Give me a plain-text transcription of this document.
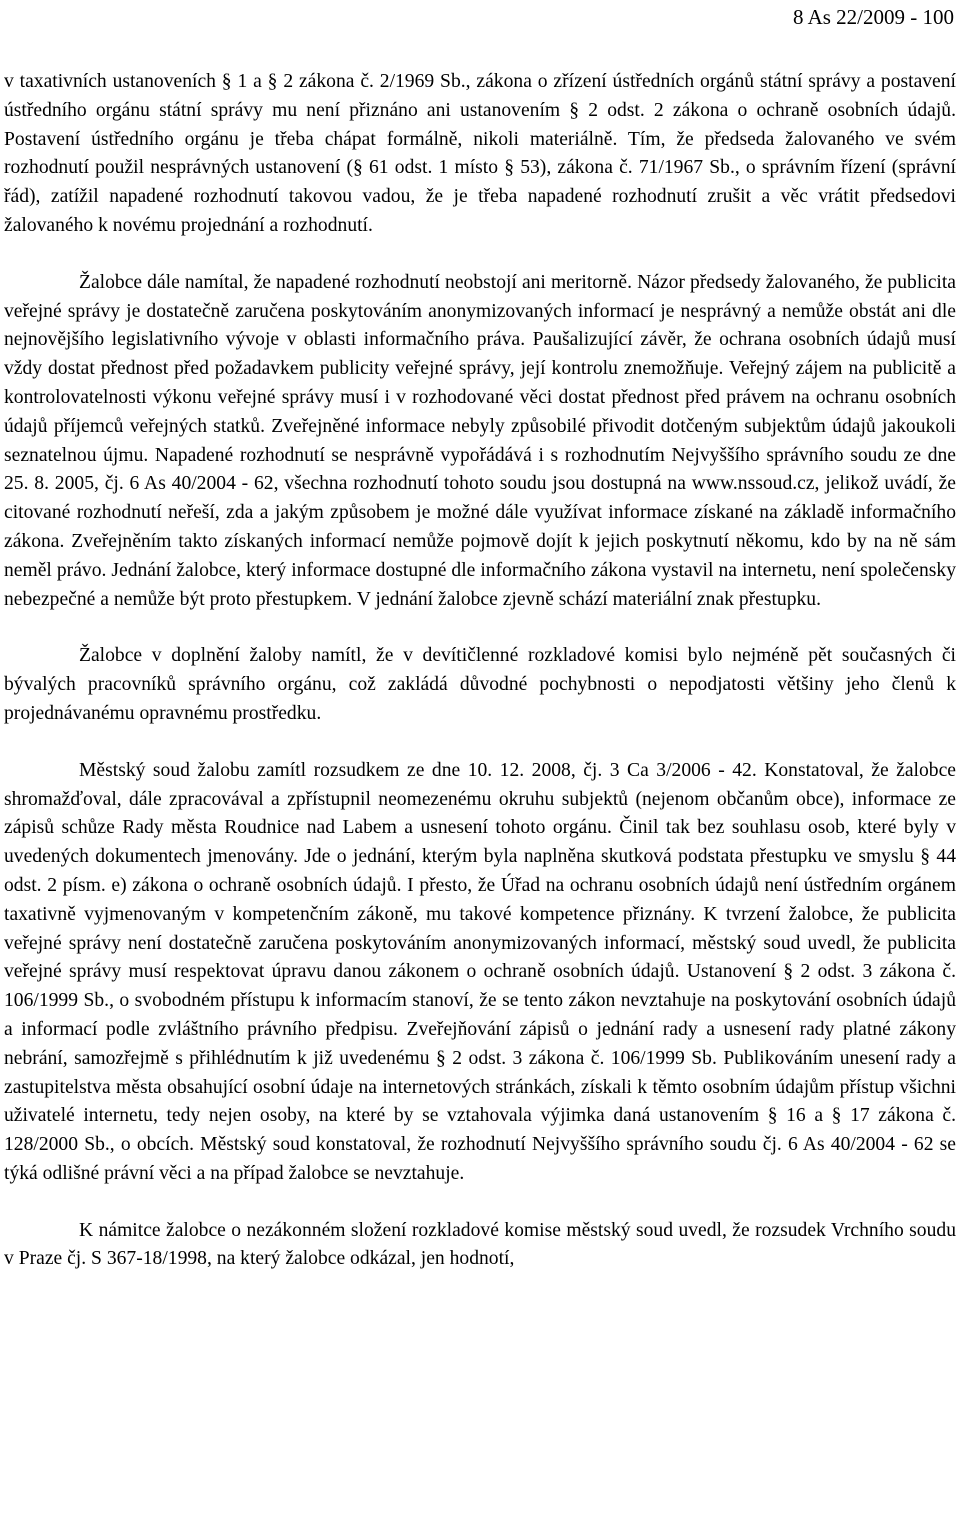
8 As 22/2009 - 100

v taxativních ustanoveních § 1 a § 2 zákona č. 2/1969 Sb., zákona o zřízení ústředních orgánů státní správy a postavení ústředního orgánu státní správy mu není přiznáno ani ustanovením § 2 odst. 2 zákona o ochraně osobních údajů. Postavení ústředního orgánu je třeba chápat formálně, nikoli materiálně. Tím, že předseda žalovaného ve svém rozhodnutí použil nesprávných ustanovení (§ 61 odst. 1 místo § 53), zákona č. 71/1967 Sb., o správním řízení (správní řád), zatížil napadené rozhodnutí takovou vadou, že je třeba napadené rozhodnutí zrušit a věc vrátit předsedovi žalovaného k novému projednání a rozhodnutí.

Žalobce dále namítal, že napadené rozhodnutí neobstojí ani meritorně. Názor předsedy žalovaného, že publicita veřejné správy je dostatečně zaručena poskytováním anonymizovaných informací je nesprávný a nemůže obstát ani dle nejnovějšího legislativního vývoje v oblasti informačního práva. Paušalizující závěr, že ochrana osobních údajů musí vždy dostat přednost před požadavkem publicity veřejné správy, její kontrolu znemožňuje. Veřejný zájem na publicitě a kontrolovatelnosti výkonu veřejné správy musí i v rozhodované věci dostat přednost před právem na ochranu osobních údajů příjemců veřejných statků. Zveřejněné informace nebyly způsobilé přivodit dotčeným subjektům údajů jakoukoli seznatelnou újmu. Napadené rozhodnutí se nesprávně vypořádává i s rozhodnutím Nejvyššího správního soudu ze dne 25. 8. 2005, čj. 6 As 40/2004 - 62, všechna rozhodnutí tohoto soudu jsou dostupná na www.nssoud.cz, jelikož uvádí, že citované rozhodnutí neřeší, zda a jakým způsobem je možné dále využívat informace získané na základě informačního zákona. Zveřejněním takto získaných informací nemůže pojmově dojít k jejich poskytnutí někomu, kdo by na ně sám neměl právo. Jednání žalobce, který informace dostupné dle informačního zákona vystavil na internetu, není společensky nebezpečné a nemůže být proto přestupkem. V jednání žalobce zjevně schází materiální znak přestupku.

Žalobce v doplnění žaloby namítl, že v devítičlenné rozkladové komisi bylo nejméně pět současných či bývalých pracovníků správního orgánu, což zakládá důvodné pochybnosti o nepodjatosti většiny jeho členů k projednávanému opravnému prostředku.

Městský soud žalobu zamítl rozsudkem ze dne 10. 12. 2008, čj. 3 Ca 3/2006 - 42. Konstatoval, že žalobce shromažďoval, dále zpracovával a zpřístupnil neomezenému okruhu subjektů (nejenom občanům obce), informace ze zápisů schůze Rady města Roudnice nad Labem a usnesení tohoto orgánu. Činil tak bez souhlasu osob, které byly v uvedených dokumentech jmenovány. Jde o jednání, kterým byla naplněna skutková podstata přestupku ve smyslu § 44 odst. 2 písm. e) zákona o ochraně osobních údajů. I přesto, že Úřad na ochranu osobních údajů není ústředním orgánem taxativně vyjmenovaným v kompetenčním zákoně, mu takové kompetence přiznány. K tvrzení žalobce, že publicita veřejné správy není dostatečně zaručena poskytováním anonymizovaných informací, městský soud uvedl, že publicita veřejné správy musí respektovat úpravu danou zákonem o ochraně osobních údajů. Ustanovení § 2 odst. 3 zákona č. 106/1999 Sb., o svobodném přístupu k informacím stanoví, že se tento zákon nevztahuje na poskytování osobních údajů a informací podle zvláštního právního předpisu. Zveřejňování zápisů o jednání rady a usnesení rady platné zákony nebrání, samozřejmě s přihlédnutím k již uvedenému § 2 odst. 3 zákona č. 106/1999 Sb. Publikováním unesení rady a zastupitelstva města obsahující osobní údaje na internetových stránkách, získali k těmto osobním údajům přístup všichni uživatelé internetu, tedy nejen osoby, na které by se vztahovala výjimka daná ustanovením § 16 a § 17 zákona č. 128/2000 Sb., o obcích. Městský soud konstatoval, že rozhodnutí Nejvyššího správního soudu čj. 6 As 40/2004 - 62 se týká odlišné právní věci a na případ žalobce se nevztahuje.

K námitce žalobce o nezákonném složení rozkladové komise městský soud uvedl, že rozsudek Vrchního soudu v Praze čj. S 367-18/1998, na který žalobce odkázal, jen hodnotí,
